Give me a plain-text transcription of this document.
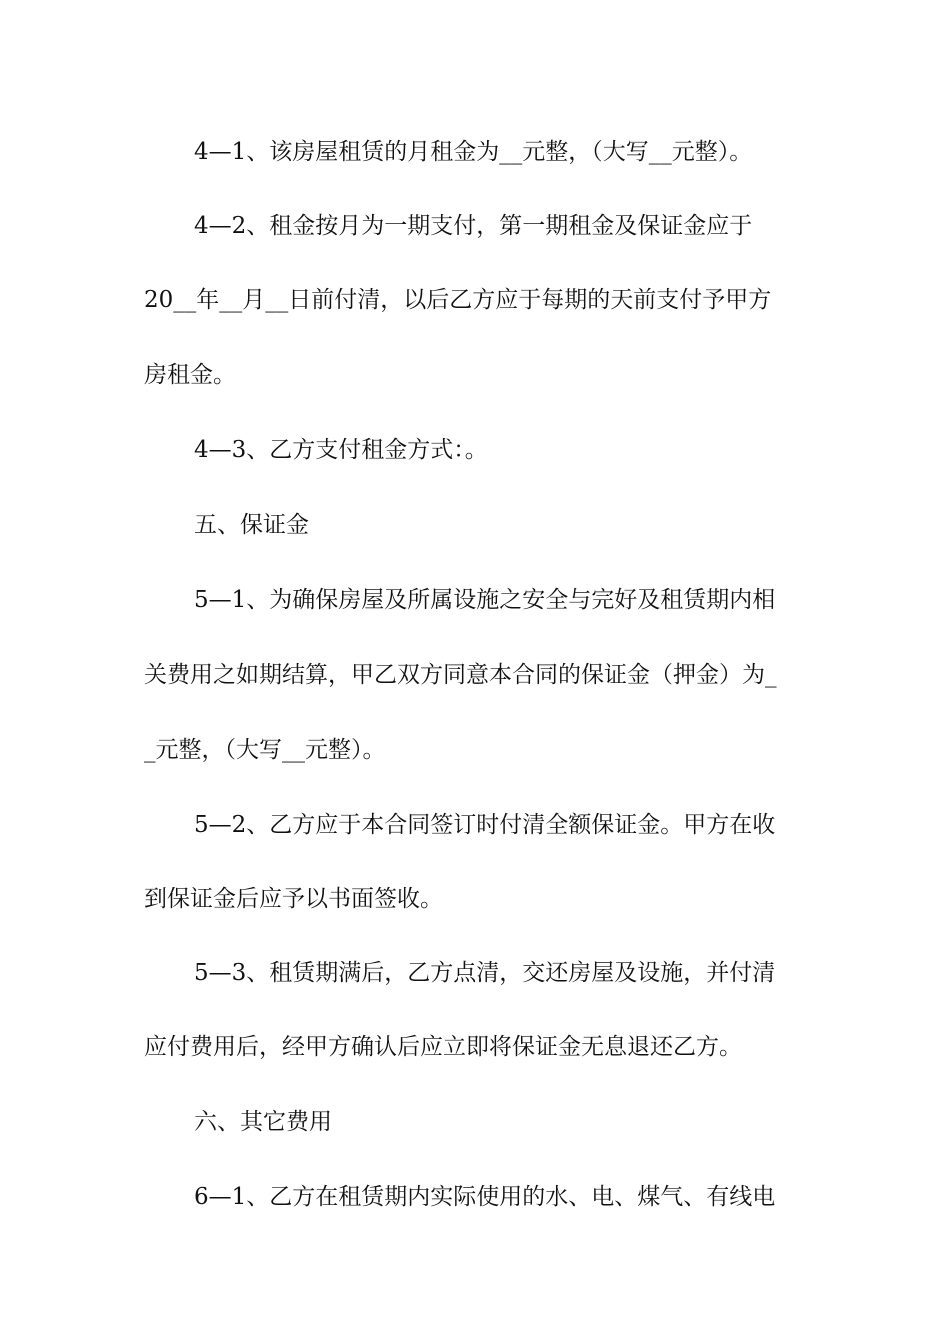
4—1、该房屋租赁的月租金为__元整，（大写__元整）。
4—2、租金按月为一期支付，第一期租金及保证金应于
20__年__月__日前付清，以后乙方应于每期的天前支付予甲方
房租金。
4—3、乙方支付租金方式：。
五、保证金
5—1、为确保房屋及所属设施之安全与完好及租赁期内相
关费用之如期结算，甲乙双方同意本合同的保证金（押金）为_
_元整，（大写__元整）。
5—2、乙方应于本合同签订时付清全额保证金。甲方在收
到保证金后应予以书面签收。
5—3、租赁期满后，乙方点清，交还房屋及设施，并付清
应付费用后，经甲方确认后应立即将保证金无息退还乙方。
六、其它费用
6—1、乙方在租赁期内实际使用的水、电、煤气、有线电
